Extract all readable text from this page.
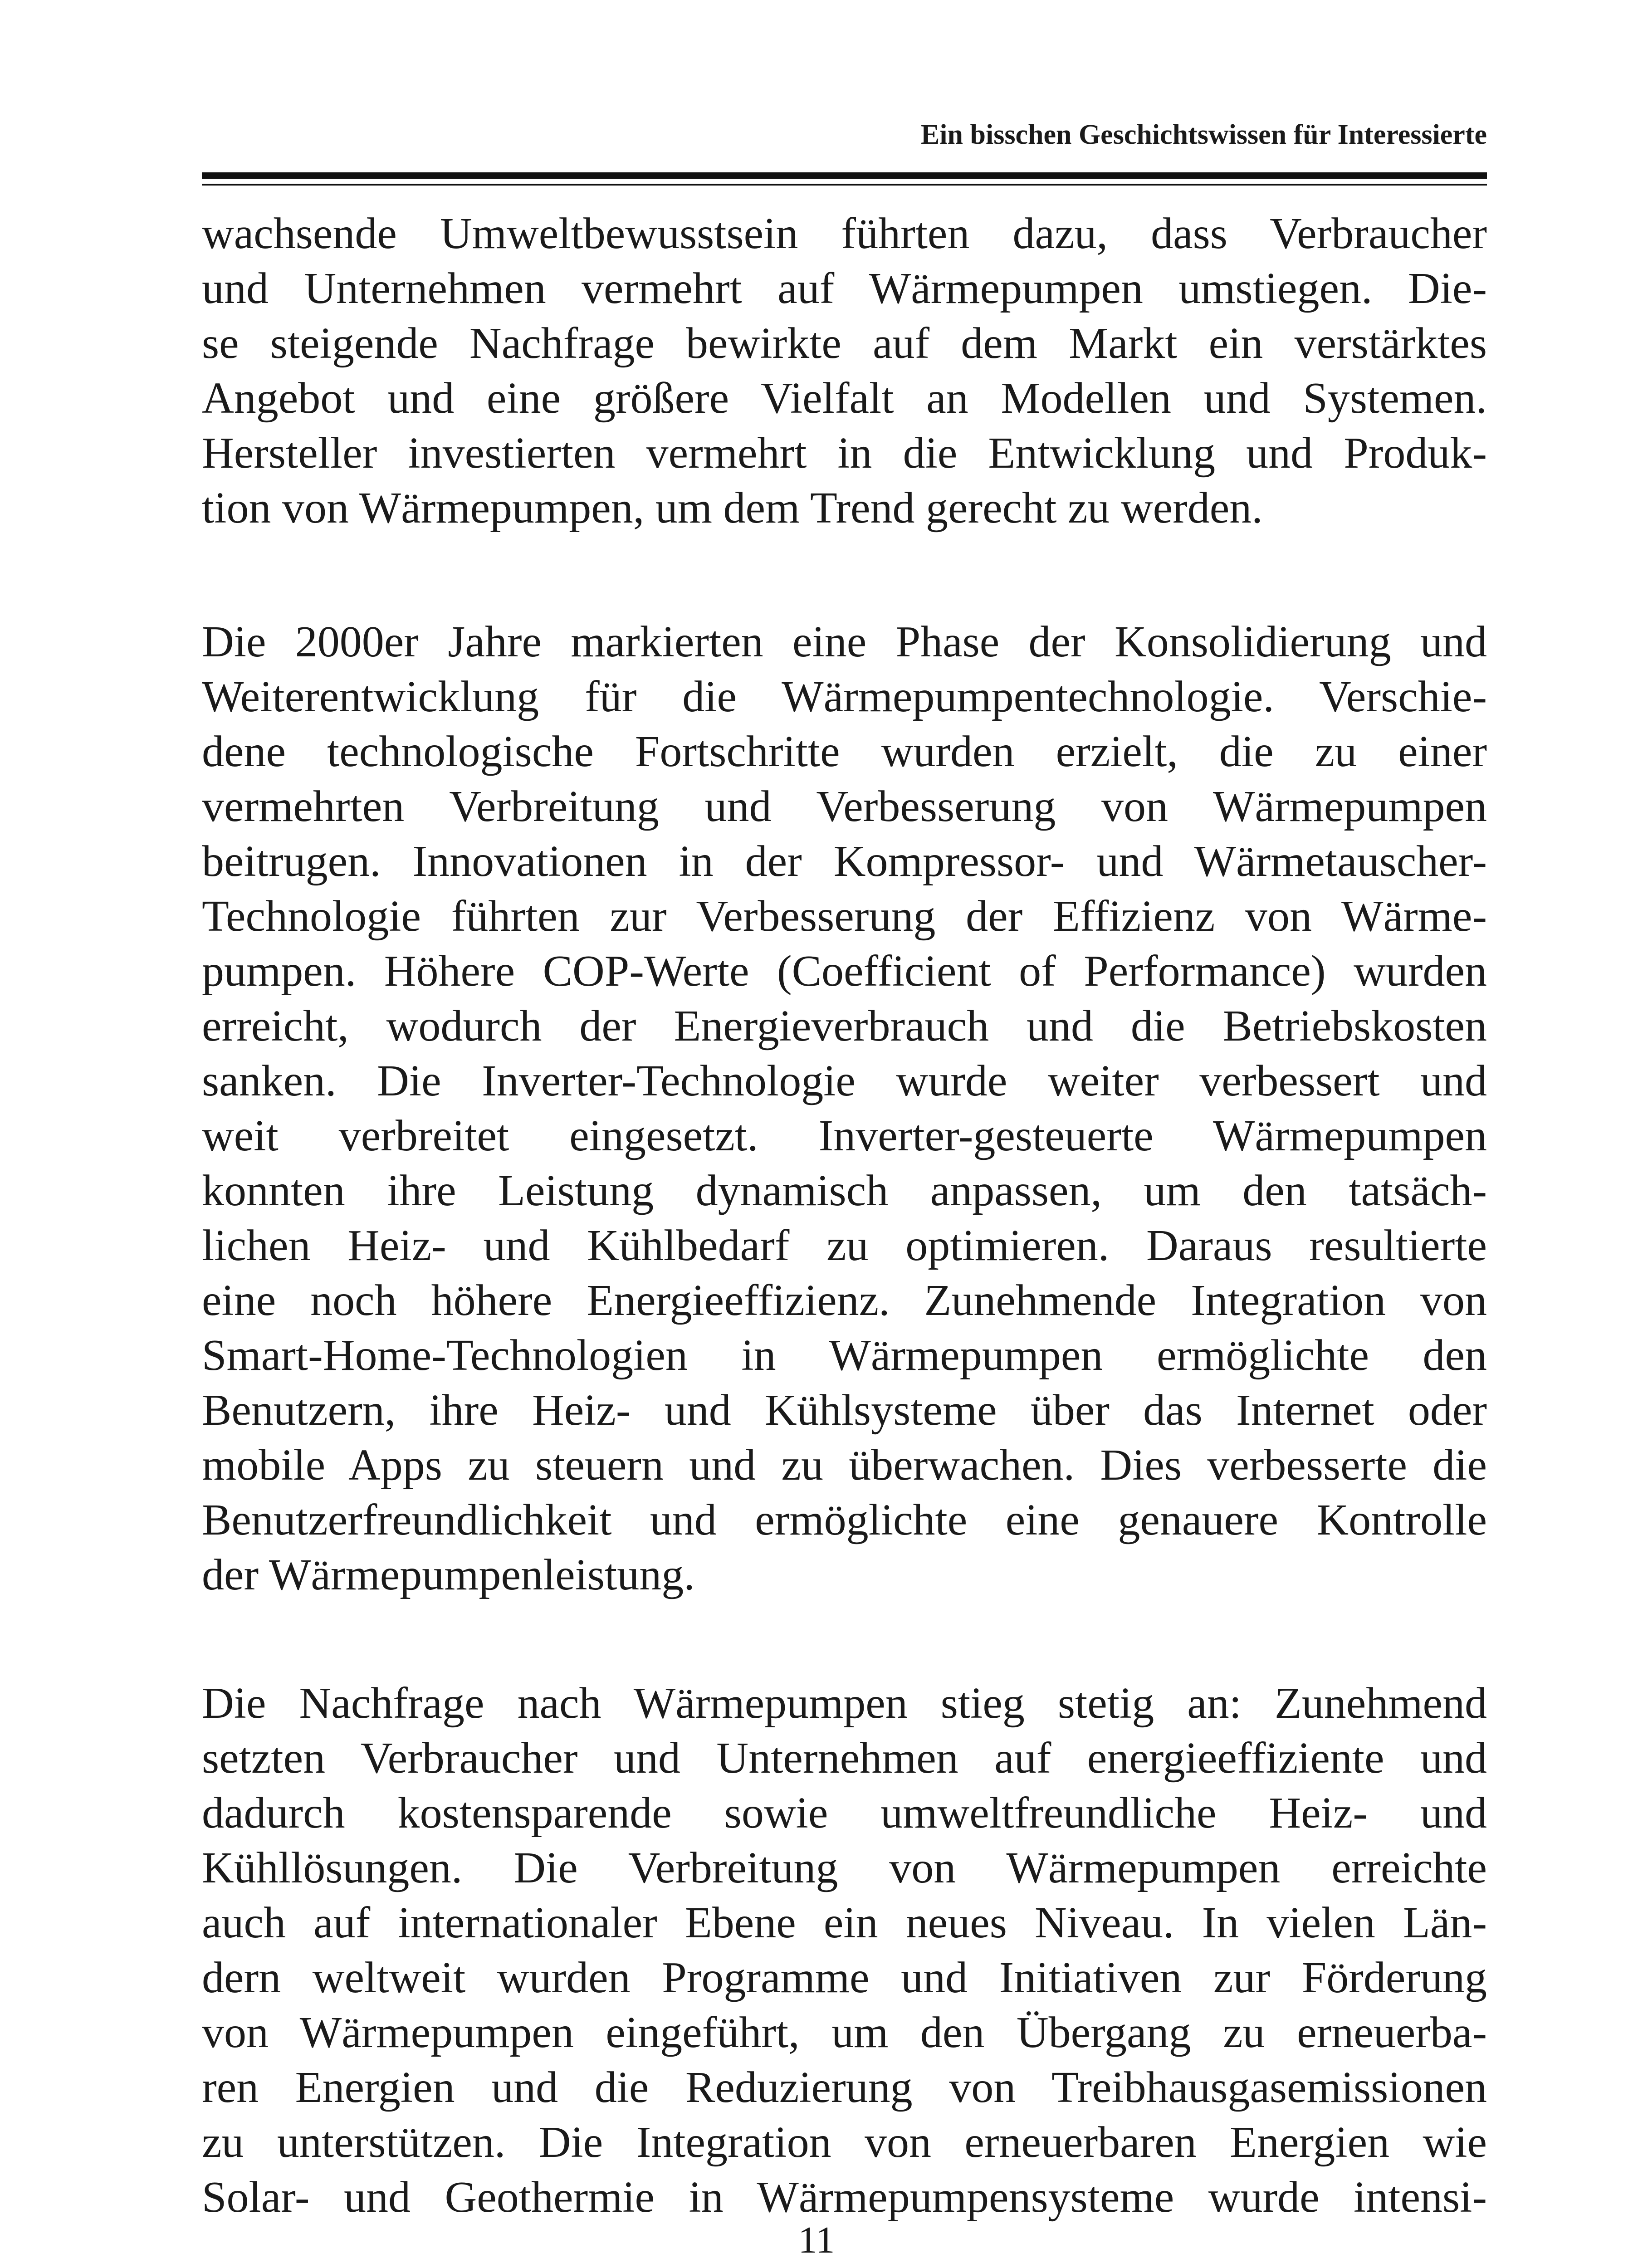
Ein bisschen Geschichtswissen für Interessierte

wachsende Umweltbewusstsein führten dazu, dass Verbraucher
und Unternehmen vermehrt auf Wärmepumpen umstiegen. Die-
se steigende Nachfrage bewirkte auf dem Markt ein verstärktes
Angebot und eine größere Vielfalt an Modellen und Systemen.
Hersteller investierten vermehrt in die Entwicklung und Produk-
tion von Wärmepumpen, um dem Trend gerecht zu werden.

Die 2000er Jahre markierten eine Phase der Konsolidierung und
Weiterentwicklung für die Wärmepumpentechnologie. Verschie-
dene technologische Fortschritte wurden erzielt, die zu einer
vermehrten Verbreitung und Verbesserung von Wärmepumpen
beitrugen. Innovationen in der Kompressor- und Wärmetauscher-
Technologie führten zur Verbesserung der Effizienz von Wärme-
pumpen. Höhere COP-Werte (Coefficient of Performance) wurden
erreicht, wodurch der Energieverbrauch und die Betriebskosten
sanken. Die Inverter-Technologie wurde weiter verbessert und
weit verbreitet eingesetzt. Inverter-gesteuerte Wärmepumpen
konnten ihre Leistung dynamisch anpassen, um den tatsäch-
lichen Heiz- und Kühlbedarf zu optimieren. Daraus resultierte
eine noch höhere Energieeffizienz. Zunehmende Integration von
Smart-Home-Technologien in Wärmepumpen ermöglichte den
Benutzern, ihre Heiz- und Kühlsysteme über das Internet oder
mobile Apps zu steuern und zu überwachen. Dies verbesserte die
Benutzerfreundlichkeit und ermöglichte eine genauere Kontrolle
der Wärmepumpenleistung.

Die Nachfrage nach Wärmepumpen stieg stetig an: Zunehmend
setzten Verbraucher und Unternehmen auf energieeffiziente und
dadurch kostensparende sowie umweltfreundliche Heiz- und
Kühllösungen. Die Verbreitung von Wärmepumpen erreichte
auch auf internationaler Ebene ein neues Niveau. In vielen Län-
dern weltweit wurden Programme und Initiativen zur Förderung
von Wärmepumpen eingeführt, um den Übergang zu erneuerba-
ren Energien und die Reduzierung von Treibhausgasemissionen
zu unterstützen. Die Integration von erneuerbaren Energien wie
Solar- und Geothermie in Wärmepumpensysteme wurde intensi-

11
